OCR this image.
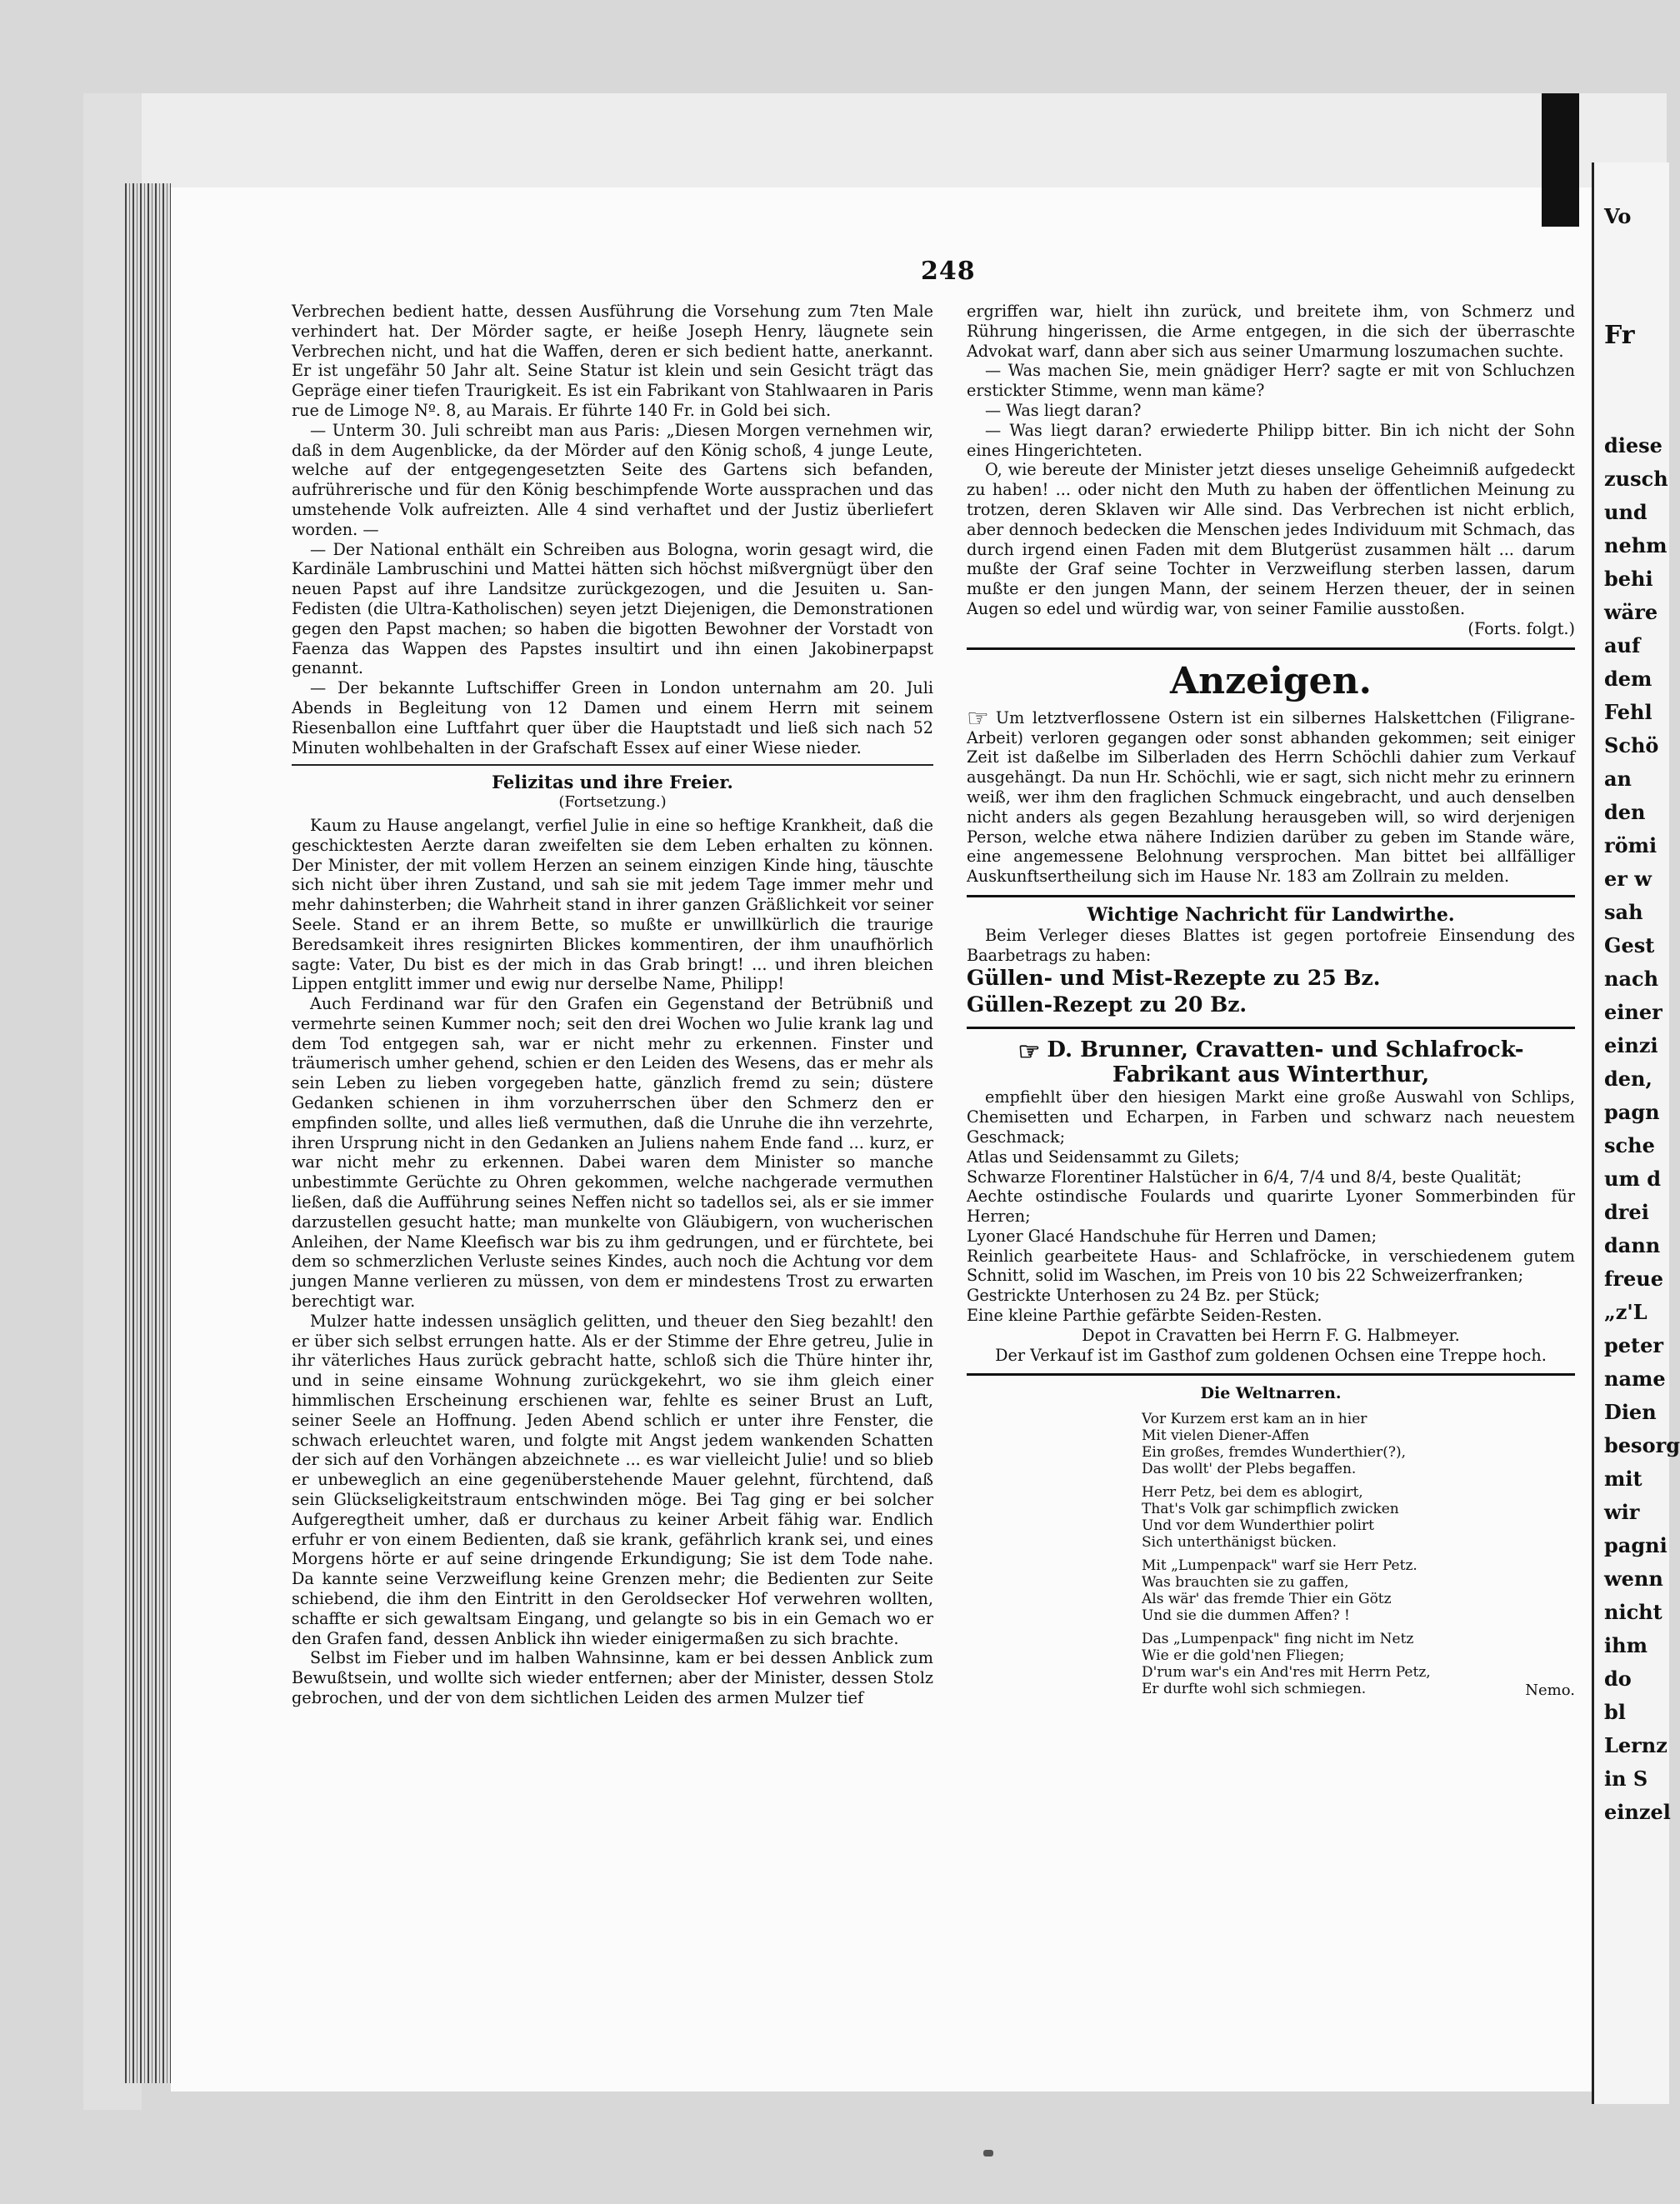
Vo
Fr
diese
zusch
und
nehm
behi
wäre
auf
dem
Fehl
Schö
an
den
römi
er w
sah
Gest
nach
einer
einzi
den,
pagn
sche
um d
drei
dann
freue
„z'L
peter
name
Dien
besorg
mit
wir
pagni
wenn
nicht
ihm
do
bl
Lernz
in S
einzel
248

Verbrechen bedient hatte, dessen Ausführung die Vorsehung zum 7ten Male verhindert hat. Der Mörder sagte, er heiße Joseph Henry, läugnete sein Verbrechen nicht, und hat die Waffen, deren er sich bedient hatte, anerkannt. Er ist ungefähr 50 Jahr alt. Seine Statur ist klein und sein Gesicht trägt das Gepräge einer tiefen Traurigkeit. Es ist ein Fabrikant von Stahlwaaren in Paris rue de Limoge Nº. 8, au Marais. Er führte 140 Fr. in Gold bei sich.

— Unterm 30. Juli schreibt man aus Paris: „Diesen Morgen vernehmen wir, daß in dem Augenblicke, da der Mörder auf den König schoß, 4 junge Leute, welche auf der entgegengesetzten Seite des Gartens sich befanden, aufrührerische und für den König beschimpfende Worte aussprachen und das umstehende Volk aufreizten. Alle 4 sind verhaftet und der Justiz überliefert worden. —

— Der National enthält ein Schreiben aus Bologna, worin gesagt wird, die Kardinäle Lambruschini und Mattei hätten sich höchst mißvergnügt über den neuen Papst auf ihre Landsitze zurückgezogen, und die Jesuiten u. San-Fedisten (die Ultra-Katholischen) seyen jetzt Diejenigen, die Demonstrationen gegen den Papst machen; so haben die bigotten Bewohner der Vorstadt von Faenza das Wappen des Papstes insultirt und ihn einen Jakobinerpapst genannt.

— Der bekannte Luftschiffer Green in London unternahm am 20. Juli Abends in Begleitung von 12 Damen und einem Herrn mit seinem Riesenballon eine Luftfahrt quer über die Hauptstadt und ließ sich nach 52 Minuten wohlbehalten in der Grafschaft Essex auf einer Wiese nieder.

Felizitas und ihre Freier.
(Fortsetzung.)

Kaum zu Hause angelangt, verfiel Julie in eine so heftige Krankheit, daß die geschicktesten Aerzte daran zweifelten sie dem Leben erhalten zu können. Der Minister, der mit vollem Herzen an seinem einzigen Kinde hing, täuschte sich nicht über ihren Zustand, und sah sie mit jedem Tage immer mehr und mehr dahinsterben; die Wahrheit stand in ihrer ganzen Gräßlichkeit vor seiner Seele. Stand er an ihrem Bette, so mußte er unwillkürlich die traurige Beredsamkeit ihres resignirten Blickes kommentiren, der ihm unaufhörlich sagte: Vater, Du bist es der mich in das Grab bringt! ... und ihren bleichen Lippen entglitt immer und ewig nur derselbe Name, Philipp!

Auch Ferdinand war für den Grafen ein Gegenstand der Betrübniß und vermehrte seinen Kummer noch; seit den drei Wochen wo Julie krank lag und dem Tod entgegen sah, war er nicht mehr zu erkennen. Finster und träumerisch umher gehend, schien er den Leiden des Wesens, das er mehr als sein Leben zu lieben vorgegeben hatte, gänzlich fremd zu sein; düstere Gedanken schienen in ihm vorzuherrschen über den Schmerz den er empfinden sollte, und alles ließ vermuthen, daß die Unruhe die ihn verzehrte, ihren Ursprung nicht in den Gedanken an Juliens nahem Ende fand ... kurz, er war nicht mehr zu erkennen. Dabei waren dem Minister so manche unbestimmte Gerüchte zu Ohren gekommen, welche nachgerade vermuthen ließen, daß die Aufführung seines Neffen nicht so tadellos sei, als er sie immer darzustellen gesucht hatte; man munkelte von Gläubigern, von wucherischen Anleihen, der Name Kleefisch war bis zu ihm gedrungen, und er fürchtete, bei dem so schmerzlichen Verluste seines Kindes, auch noch die Achtung vor dem jungen Manne verlieren zu müssen, von dem er mindestens Trost zu erwarten berechtigt war.

Mulzer hatte indessen unsäglich gelitten, und theuer den Sieg bezahlt! den er über sich selbst errungen hatte. Als er der Stimme der Ehre getreu, Julie in ihr väterliches Haus zurück gebracht hatte, schloß sich die Thüre hinter ihr, und in seine einsame Wohnung zurückgekehrt, wo sie ihm gleich einer himmlischen Erscheinung erschienen war, fehlte es seiner Brust an Luft, seiner Seele an Hoffnung. Jeden Abend schlich er unter ihre Fenster, die schwach erleuchtet waren, und folgte mit Angst jedem wankenden Schatten der sich auf den Vorhängen abzeichnete ... es war vielleicht Julie! und so blieb er unbeweglich an eine gegenüberstehende Mauer gelehnt, fürchtend, daß sein Glückseligkeitstraum entschwinden möge. Bei Tag ging er bei solcher Aufgeregtheit umher, daß er durchaus zu keiner Arbeit fähig war. Endlich erfuhr er von einem Bedienten, daß sie krank, gefährlich krank sei, und eines Morgens hörte er auf seine dringende Erkundigung; Sie ist dem Tode nahe. Da kannte seine Verzweiflung keine Grenzen mehr; die Bedienten zur Seite schiebend, die ihm den Eintritt in den Geroldsecker Hof verwehren wollten, schaffte er sich gewaltsam Eingang, und gelangte so bis in ein Gemach wo er den Grafen fand, dessen Anblick ihn wieder einigermaßen zu sich brachte.

Selbst im Fieber und im halben Wahnsinne, kam er bei dessen Anblick zum Bewußtsein, und wollte sich wieder entfernen; aber der Minister, dessen Stolz gebrochen, und der von dem sichtlichen Leiden des armen Mulzer tief

ergriffen war, hielt ihn zurück, und breitete ihm, von Schmerz und Rührung hingerissen, die Arme entgegen, in die sich der überraschte Advokat warf, dann aber sich aus seiner Umarmung loszumachen suchte.

— Was machen Sie, mein gnädiger Herr? sagte er mit von Schluchzen erstickter Stimme, wenn man käme?

— Was liegt daran?

— Was liegt daran? erwiederte Philipp bitter. Bin ich nicht der Sohn eines Hingerichteten.

O, wie bereute der Minister jetzt dieses unselige Geheimniß aufgedeckt zu haben! ... oder nicht den Muth zu haben der öffentlichen Meinung zu trotzen, deren Sklaven wir Alle sind. Das Verbrechen ist nicht erblich, aber dennoch bedecken die Menschen jedes Individuum mit Schmach, das durch irgend einen Faden mit dem Blutgerüst zusammen hält ... darum mußte der Graf seine Tochter in Verzweiflung sterben lassen, darum mußte er den jungen Mann, der seinem Herzen theuer, der in seinen Augen so edel und würdig war, von seiner Familie ausstoßen.

(Forts. folgt.)
Anzeigen.

☞ Um letztverflossene Ostern ist ein silbernes Halskettchen (Filigrane-Arbeit) verloren gegangen oder sonst abhanden gekommen; seit einiger Zeit ist daßelbe im Silberladen des Herrn Schöchli dahier zum Verkauf ausgehängt. Da nun Hr. Schöchli, wie er sagt, sich nicht mehr zu erinnern weiß, wer ihm den fraglichen Schmuck eingebracht, und auch denselben nicht anders als gegen Bezahlung herausgeben will, so wird derjenigen Person, welche etwa nähere Indizien darüber zu geben im Stande wäre, eine angemessene Belohnung versprochen. Man bittet bei allfälliger Auskunftsertheilung sich im Hause Nr. 183 am Zollrain zu melden.

Wichtige Nachricht für Landwirthe.

Beim Verleger dieses Blattes ist gegen portofreie Einsendung des Baarbetrags zu haben:

Güllen- und Mist-Rezepte zu 25 Bz.
Güllen-Rezept zu 20 Bz.
☞ D. Brunner, Cravatten- und Schlafrock-
Fabrikant aus Winterthur,

empfiehlt über den hiesigen Markt eine große Auswahl von Schlips, Chemisetten und Echarpen, in Farben und schwarz nach neuestem Geschmack;

Atlas und Seidensammt zu Gilets;

Schwarze Florentiner Halstücher in 6/4, 7/4 und 8/4, beste Qualität;

Aechte ostindische Foulards und quarirte Lyoner Sommerbinden für Herren;

Lyoner Glacé Handschuhe für Herren und Damen;

Reinlich gearbeitete Haus- and Schlafröcke, in verschiedenem gutem Schnitt, solid im Waschen, im Preis von 10 bis 22 Schweizerfranken;

Gestrickte Unterhosen zu 24 Bz. per Stück;

Eine kleine Parthie gefärbte Seiden-Resten.

Depot in Cravatten bei Herrn F. G. Halbmeyer.
Der Verkauf ist im Gasthof zum goldenen Ochsen eine Treppe hoch.
Die Weltnarren.
Vor Kurzem erst kam an in hier
Mit vielen Diener-Affen
Ein großes, fremdes Wunderthier(?),
Das wollt' der Plebs begaffen.
Herr Petz, bei dem es ablogirt,
That's Volk gar schimpflich zwicken
Und vor dem Wunderthier polirt
Sich unterthänigst bücken.
Mit „Lumpenpack" warf sie Herr Petz.
Was brauchten sie zu gaffen,
Als wär' das fremde Thier ein Götz
Und sie die dummen Affen? !
Das „Lumpenpack" fing nicht im Netz
Wie er die gold'nen Fliegen;
D'rum war's ein And'res mit Herrn Petz,
Er durfte wohl sich schmiegen.	Nemo.
